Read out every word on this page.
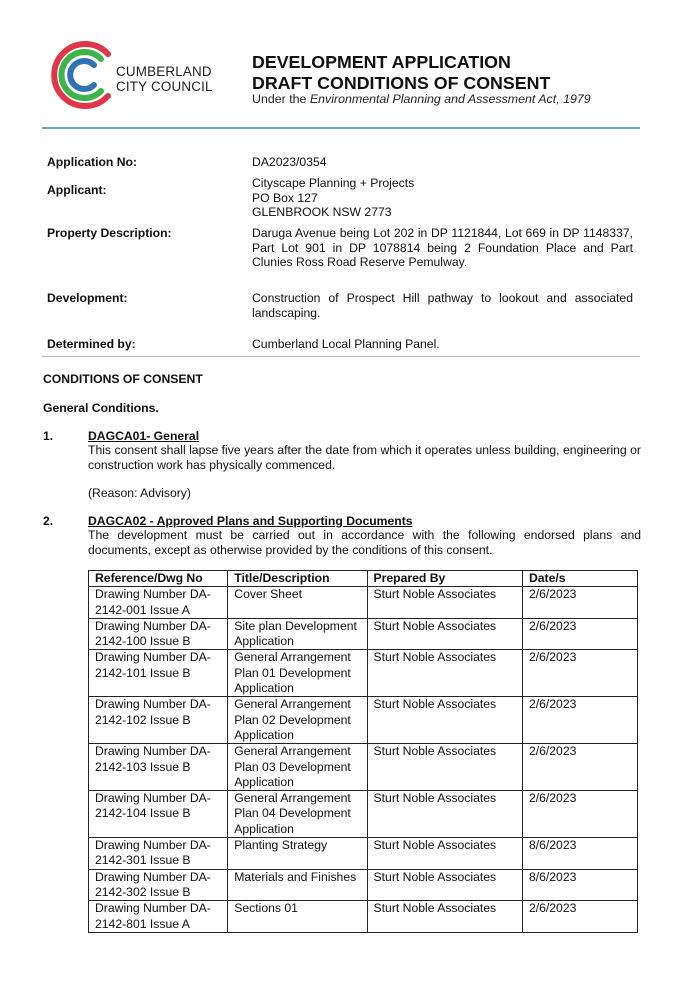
CUMBERLAND
CITY COUNCIL
DEVELOPMENT APPLICATION
DRAFT CONDITIONS OF CONSENT
Under the Environmental Planning and Assessment Act, 1979
Application No:	DA2023/0354
Applicant:	Cityscape Planning + Projects
PO Box 127
GLENBROOK NSW 2773
Property Description:	Daruga Avenue being Lot 202 in DP 1121844, Lot 669 in DP 1148337, Part Lot 901 in DP 1078814 being 2 Foundation Place and Part Clunies Ross Road Reserve Pemulway.
Development:	Construction of Prospect Hill pathway to lookout and associated landscaping.
Determined by:	Cumberland Local Planning Panel.
CONDITIONS OF CONSENT
General Conditions.
1.	DAGCA01- General
This consent shall lapse five years after the date from which it operates unless building, engineering or construction work has physically commenced.
(Reason: Advisory)
2.	DAGCA02 - Approved Plans and Supporting Documents
The development must be carried out in accordance with the following endorsed plans and documents, except as otherwise provided by the conditions of this consent.
Reference/Dwg No	Title/Description	Prepared By	Date/s
Drawing Number DA-2142-001 Issue A	Cover Sheet	Sturt Noble Associates	2/6/2023
Drawing Number DA-2142-100 Issue B	Site plan Development Application	Sturt Noble Associates	2/6/2023
Drawing Number DA-2142-101 Issue B	General Arrangement Plan 01 Development Application	Sturt Noble Associates	2/6/2023
Drawing Number DA-2142-102 Issue B	General Arrangement Plan 02 Development Application	Sturt Noble Associates	2/6/2023
Drawing Number DA-2142-103 Issue B	General Arrangement Plan 03 Development Application	Sturt Noble Associates	2/6/2023
Drawing Number DA-2142-104 Issue B	General Arrangement Plan 04 Development Application	Sturt Noble Associates	2/6/2023
Drawing Number DA-2142-301 Issue B	Planting Strategy	Sturt Noble Associates	8/6/2023
Drawing Number DA-2142-302 Issue B	Materials and Finishes	Sturt Noble Associates	8/6/2023
Drawing Number DA-2142-801 Issue A	Sections 01	Sturt Noble Associates	2/6/2023
